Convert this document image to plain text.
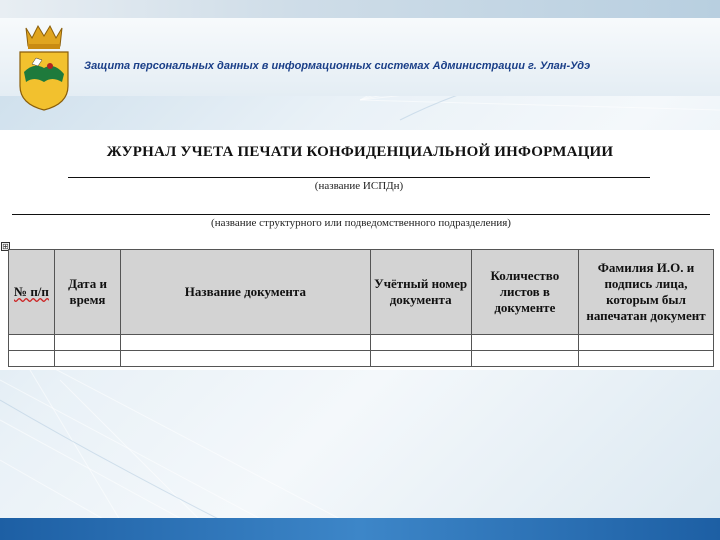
Защита персональных данных в информационных системах Администрации г. Улан-Удэ
ЖУРНАЛ УЧЕТА ПЕЧАТИ КОНФИДЕНЦИАЛЬНОЙ ИНФОРМАЦИИ
(название ИСПДн)
(название структурного или подведомственного подразделения)
⊞
№ п/п	Дата и время	Название документа	Учётный номер документа	Количество листов в документе	Фамилия И.О. и подпись лица, которым был напечатан документ
